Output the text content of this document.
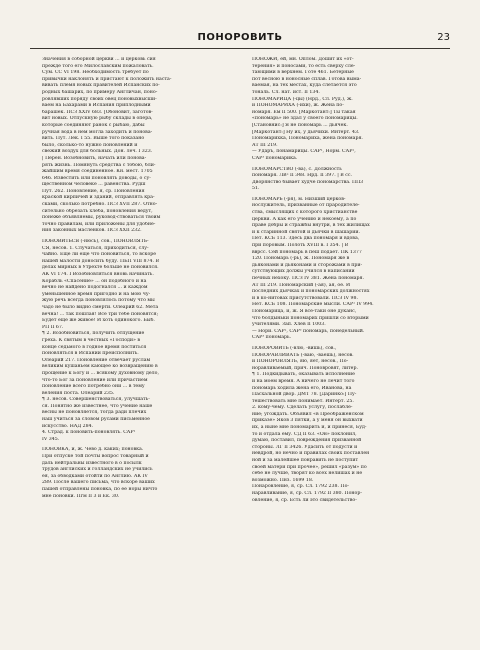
ПОНОРОВИТЬ	23
Значения в соборной церкви ... и церковь сия
прежде того его Милославским пожаловать.
Сум. СС VI 198. Необходимость требует по
привычки наклонять и пристают к положить наста-
вивать племя новых правителей Испанских по-
родных башарих, по примеру Англичан, поно-
ровлявших поряду своих овец поновыхвысши-
ваем на Бахарами в Испания приплодными
барашек. ПСЗ XXIV 683. [Обоновит, заготов-
вит новых. Отпускную рыбу склады в опера,
которые соединяют ранок с рыбаю, дабы
ручная вода в нем могла заходить и понова-
вить. Пут. Лек. I 55. Выше того показано
было, сколько-то нужно поновлений и
свежий воздух для больных. Дон. леч. I 323.
| Перен. Возобновить, начать или понова-
рять жизнь. Помянуть средства с тобою, бли-
жайшим время соединенное. Кн. мест. 1705
646. Известить или поновлять доводы, о су-
щественном человеке ... равенства. Рудш
Пут. 262. Поновление, я, ср. Поновления
краской кирпичей и зданий, отправлять кра-
сками, сколько потребно. ПСЗ XVII 287. Отно-
сительно обрезать хлеба, поновления ведут,
понеже объявляемы, руковод-ствоваться твоим
точно правилам, или приложены для удобне-
ния законных масленков. ПСЗ XXII 232.
ПОНОВИТЬСЯ (-нюсь), сов., ПОНОВЛЯТЬ-
СЯ, несов. 1. Случаться, приходиться, слу-
чайно. Еще ли еще что поновиться, то вскоре
нашей малости доносить буду. ПБП VIII 874. В
делах мирных в Утрехте больше не поновился.
АК VI 174. I Возобновляться вновь начинать.
Корабль «Спасение» ... он подобного и на
вечно не найдено подогнался ... и каждом
уменьшенное время пригодно и на мою чу-
жую речь всегда поновлялось потому что мы
чадо не было видно смерти. Олеарий 62. Мета
вечна! ... так пошлая! Все три тебе поновятся;
Будет ещё же живое! И хоть одинокого. Быб.
РП II 67.
¶ 2. Возобновиться, получить отпущение
греха. К святым в честных «Господи» в
конце седьмого в годное время поститься
поновляться в Испании преисполнить.
Олеарий 217. Поновление отвечает руслам
великим кушаньем кающее ко возвращению в
прощение к Богу и ... всякому духовному дело,
что-то Бог за поновление или причастием
поновление всего потребно они ... в тему
веления поста. Олеарий 235.
¶ 3. несов. Совершенствоваться, улучшать-
ся. Понятно же известнее, что учение наше
весны не поновляется, тогда ради плечих
наш учиться за словом русами письменное
искусство. НАД 284.
4. Страд. к поновить-поновлять. САР¹
IV 345.
ПОНОВКА, и, ж. Чево д. каких; поновка.
При отпуске той почты вопрос товарный и
даль нейтральны известного в о посылк
трудов англиских и голландских не учились
ея, за обводками отойти по Англию. АК IV
289. После вашего письма, что вскоре ваших
пашей отправлены поновка, по ее норы ничто
мне поновки. Пгм II 3 и Ек. 30.
ПОНОЖИ, ей, мн. Оплом. Дошит их «от-
терения» и поносами, то есть сверху сле-
тающими в верхнем. Готе 461. Бетерные
пот весною в ноносные сплав. Готова выма-
ваемая, на тех местах, куда слетается это
тональ. Сл. нат. ист. II 134.
ПОНОМАРИЦА (-цы) (Нрд., Сл. Руд.), ж.
и ПОНОМАРИХА (-ихи), ж. Жена по-
номаря. Ем II 500. [Маркотант:] Ты такая
«пономарь» не здал у своего пономарицы.
[Становнис:] Я не пономарь ... дьячек.
[Маркотант:] Ну их, у дьячихи. Интерт. 43.
Пономарихка, Пономариха, жена пономаря.
АТ III 219.
— Ударъ, понамарицы. САР¹, Норм. САР²,
САР³ пономарикa.
ПОНОМАРСТВО (-ва), с. Должность
пономаря. ЛВ² II 348. Нрд. II 397. | В сс.
Дворянство бывает худче пономарства. ПП3
51.
ПОНОМАРЬ (-ря), м. Низший церков-
нослужитель, призванные от прародителе-
ства, смыслящих с которого христианстве
церкви. А как его учению и некоему, а по
праве добры и стражбы внутри, в тех жилищах
и к старинной святой и дьячки в шашарии.
Пет. КСБ 113. Здесь два пономаря и вдова,
при поровым. Полоть XVIII в. I 354. | В
вврсс. Сей пономарь в пеш подает. ПК 1377
120. Пономарь (-рь), ж. Пономаря же в
дьяконами и дьяконами и сторожами в при-
сутствующих должы учился в написании
печных нехоку. ПСЗ IV 381. Жена пономаря.
АТ III 219. Пономарский (-ая), ая, ое. И
последних дьячках и пономарских должностях
и в ко-нитовах присутствовали. ПСЗ IV 98.
Нет. КСБ 108. Пономарские мысли. САР¹ IV 994.
Пономарица, и, ж. Я все-таки оне дуканс,
что болдыньки пономарих пришли со вторыми
учителями. Зап. Хлев II 1003.
— Нори. САР², САР³ пономарь, понедельный.
САР³ пономарь.
ПОНОРОВИТЬ (-влю, -вишь), сов.,
ПОНОРАВЛИВАТЬ (-ваю, -ваешь), несов.
и ПОНОРОВЛЯТЬ, яю, яет, несов., По-
норавливаемый, прич. Поновровят, литер.
¶ 1. Подкидывать, оказывать исполнение
и на моем время. А ничего не лечит того
пономарь ходила жена его, Иванова, на
Пасхальной двор. ДМТ 78. [Даринко:] Пу-
тешествовать мне понимает. Интерт. 25.
2. кому-чему. Сделать услугу, послабле-
ние; угождать. Объявил «в Преображенском
приказе» Яков 3 пятки, а у меня он выхвати
их, а ныне мне пономарить и, и принеся, Буд-
то и отдала ему. СД II 63. «Он» поклонил,
думаю, поставил, повреждения призванной
стороны. ЛГ II 3426. Удасить от подусти и
невдрой, но нечно и правилах своих поставлен
ной и за малейшее понравить не поступит
своей матери при прочее», решил «разум» по
себе не лучше, творят ко всех нелишах и не
возможно. Пнз. 1699 18.
Понаровление, я, ср. Сл. 1792 238. По-
наравливание, я, ср. Сл. 1792 II 380. Понор-
овление, я, ср. Есть ли это свидетельство-
